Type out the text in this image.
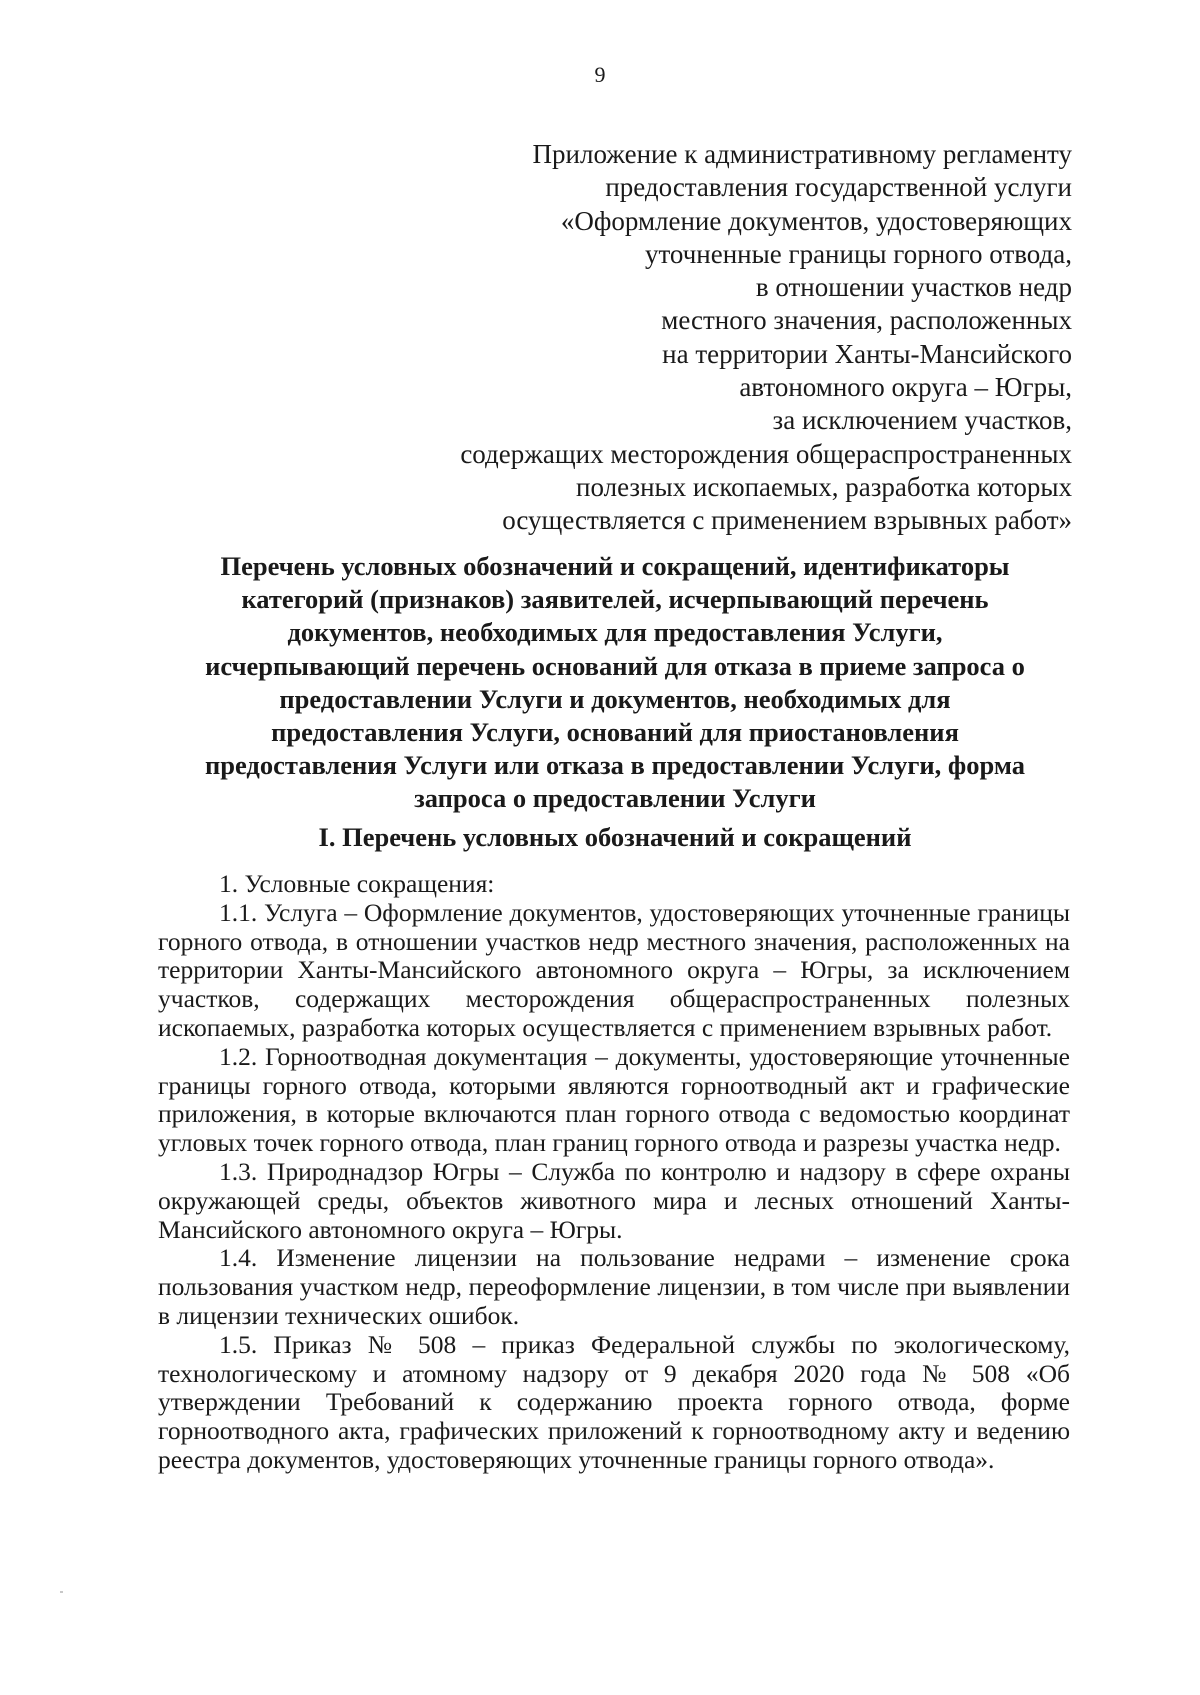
9
Приложение к административному регламенту
предоставления государственной услуги
«Оформление документов, удостоверяющих
уточненные границы горного отвода,
в отношении участков недр
местного значения, расположенных
на территории Ханты-Мансийского
автономного округа – Югры,
за исключением участков,
содержащих месторождения общераспространенных
полезных ископаемых, разработка которых
осуществляется с применением взрывных работ»
Перечень условных обозначений и сокращений, идентификаторы
категорий (признаков) заявителей, исчерпывающий перечень
документов, необходимых для предоставления Услуги,
исчерпывающий перечень оснований для отказа в приеме запроса о
предоставлении Услуги и документов, необходимых для
предоставления Услуги, оснований для приостановления
предоставления Услуги или отказа в предоставлении Услуги, форма
запроса о предоставлении Услуги
I. Перечень условных обозначений и сокращений

1. Условные сокращения:

1.1. Услуга – Оформление документов, удостоверяющих уточненные границы горного отвода, в отношении участков недр местного значения, расположенных на территории Ханты-Мансийского автономного округа – Югры, за исключением участков, содержащих месторождения общераспространенных полезных ископаемых, разработка которых осуществляется с применением взрывных работ.

1.2. Горноотводная документация – документы, удостоверяющие уточненные границы горного отвода, которыми являются горноотводный акт и графические приложения, в которые включаются план горного отвода с ведомостью координат угловых точек горного отвода, план границ горного отвода и разрезы участка недр.

1.3. Природнадзор Югры – Служба по контролю и надзору в сфере охраны окружающей среды, объектов животного мира и лесных отношений Ханты-Мансийского автономного округа – Югры.

1.4. Изменение лицензии на пользование недрами – изменение срока пользования участком недр, переоформление лицензии, в том числе при выявлении в лицензии технических ошибок.

1.5. Приказ № 508 – приказ Федеральной службы по экологическому, технологическому и атомному надзору от 9 декабря 2020 года № 508 «Об утверждении Требований к содержанию проекта горного отвода, форме горноотводного акта, графических приложений к горноотводному акту и ведению реестра документов, удостоверяющих уточненные границы горного отвода».
